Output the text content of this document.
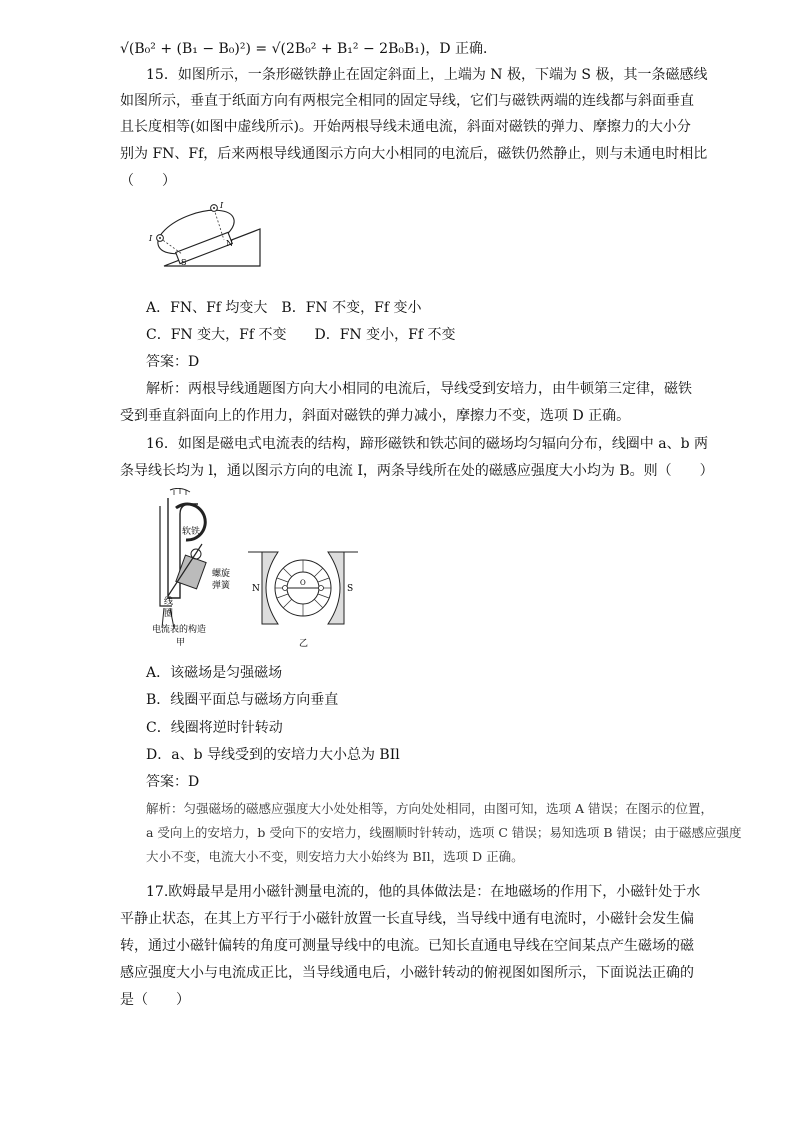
√(B₀² + (B₁ − B₀)²) = √(2B₀² + B₁² − 2B₀B₁)，D 正确．
15．如图所示，一条形磁铁静止在固定斜面上，上端为 N 极，下端为 S 极，其一条磁感线
如图所示，垂直于纸面方向有两根完全相同的固定导线，它们与磁铁两端的连线都与斜面垂直
且长度相等(如图中虚线所示)。开始两根导线未通电流，斜面对磁铁的弹力、摩擦力的大小分
别为 FN、Ff，后来两根导线通图示方向大小相同的电流后，磁铁仍然静止，则与未通电时相比
（　　）
S
N
I
I
A．FN、Ff 均变大　B．FN 不变，Ff 变小
C．FN 变大，Ff 不变　　D．FN 变小，Ff 不变
答案：D
解析：两根导线通题图方向大小相同的电流后，导线受到安培力，由牛顿第三定律，磁铁
受到垂直斜面向上的作用力，斜面对磁铁的弹力减小，摩擦力不变，选项 D 正确。
16．如图是磁电式电流表的结构，蹄形磁铁和铁芯间的磁场均匀辐向分布，线圈中 a、b 两
条导线长均为 l，通以图示方向的电流 I，两条导线所在处的磁感应强度大小均为 B。则（　　）
软铁
螺旋
弹簧
线
圈
电流表的构造
甲
N	S
O
乙
A．该磁场是匀强磁场
B．线圈平面总与磁场方向垂直
C．线圈将逆时针转动
D．a、b 导线受到的安培力大小总为 BIl
答案：D
解析：匀强磁场的磁感应强度大小处处相等，方向处处相同，由图可知，选项 A 错误；在图示的位置，
a 受向上的安培力，b 受向下的安培力，线圈顺时针转动，选项 C 错误；易知选项 B 错误；由于磁感应强度
大小不变，电流大小不变，则安培力大小始终为 BIl，选项 D 正确。
17.欧姆最早是用小磁针测量电流的，他的具体做法是：在地磁场的作用下，小磁针处于水
平静止状态，在其上方平行于小磁针放置一长直导线，当导线中通有电流时，小磁针会发生偏
转，通过小磁针偏转的角度可测量导线中的电流。已知长直通电导线在空间某点产生磁场的磁
感应强度大小与电流成正比，当导线通电后，小磁针转动的俯视图如图所示，下面说法正确的
是（　　）
